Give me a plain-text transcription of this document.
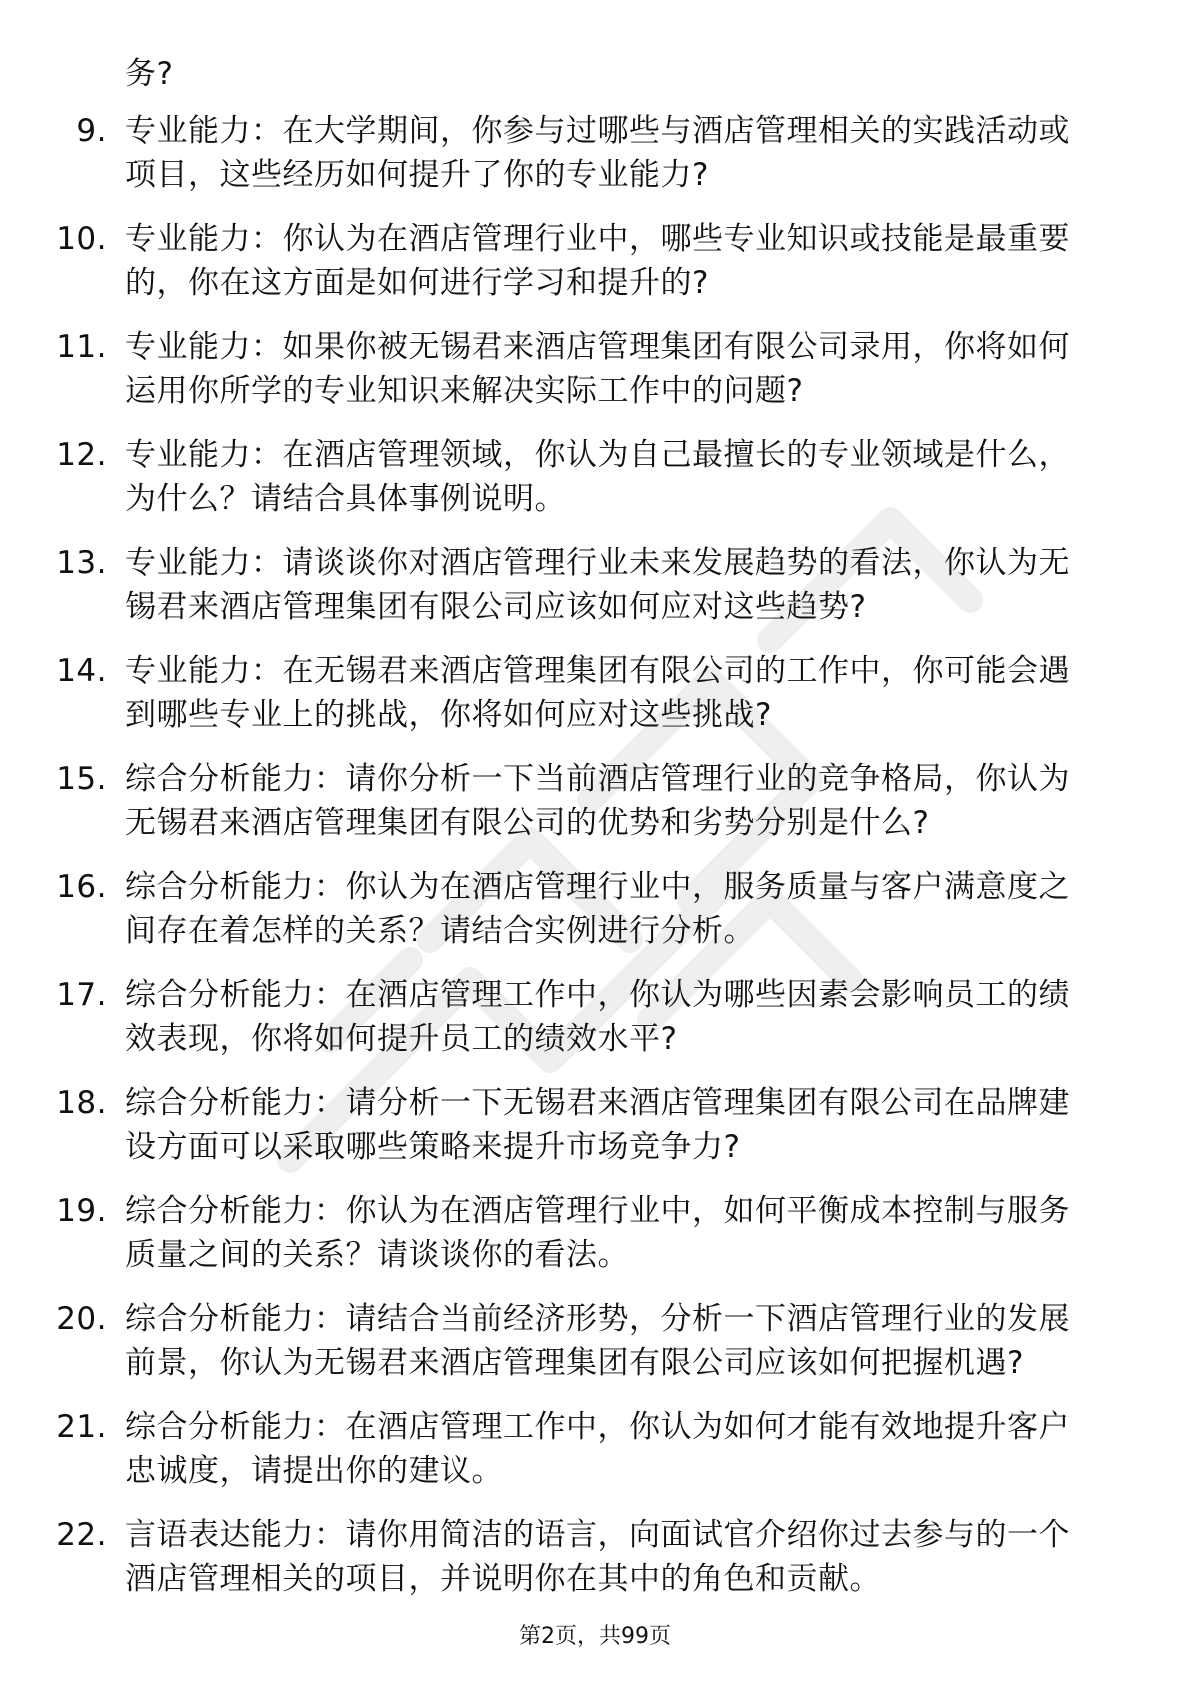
务?
9. 专业能力：在大学期间，你参与过哪些与酒店管理相关的实践活动或项目，这些经历如何提升了你的专业能力?
10. 专业能力：你认为在酒店管理行业中，哪些专业知识或技能是最重要的，你在这方面是如何进行学习和提升的?
11. 专业能力：如果你被无锡君来酒店管理集团有限公司录用，你将如何运用你所学的专业知识来解决实际工作中的问题?
12. 专业能力：在酒店管理领域，你认为自己最擅长的专业领域是什么，为什么？请结合具体事例说明。
13. 专业能力：请谈谈你对酒店管理行业未来发展趋势的看法，你认为无锡君来酒店管理集团有限公司应该如何应对这些趋势?
14. 专业能力：在无锡君来酒店管理集团有限公司的工作中，你可能会遇到哪些专业上的挑战，你将如何应对这些挑战?
15. 综合分析能力：请你分析一下当前酒店管理行业的竞争格局，你认为无锡君来酒店管理集团有限公司的优势和劣势分别是什么?
16. 综合分析能力：你认为在酒店管理行业中，服务质量与客户满意度之间存在着怎样的关系？请结合实例进行分析。
17. 综合分析能力：在酒店管理工作中，你认为哪些因素会影响员工的绩效表现，你将如何提升员工的绩效水平?
18. 综合分析能力：请分析一下无锡君来酒店管理集团有限公司在品牌建设方面可以采取哪些策略来提升市场竞争力?
19. 综合分析能力：你认为在酒店管理行业中，如何平衡成本控制与服务质量之间的关系？请谈谈你的看法。
20. 综合分析能力：请结合当前经济形势，分析一下酒店管理行业的发展前景，你认为无锡君来酒店管理集团有限公司应该如何把握机遇?
21. 综合分析能力：在酒店管理工作中，你认为如何才能有效地提升客户忠诚度，请提出你的建议。
22. 言语表达能力：请你用简洁的语言，向面试官介绍你过去参与的一个酒店管理相关的项目，并说明你在其中的角色和贡献。
第2页，共99页
